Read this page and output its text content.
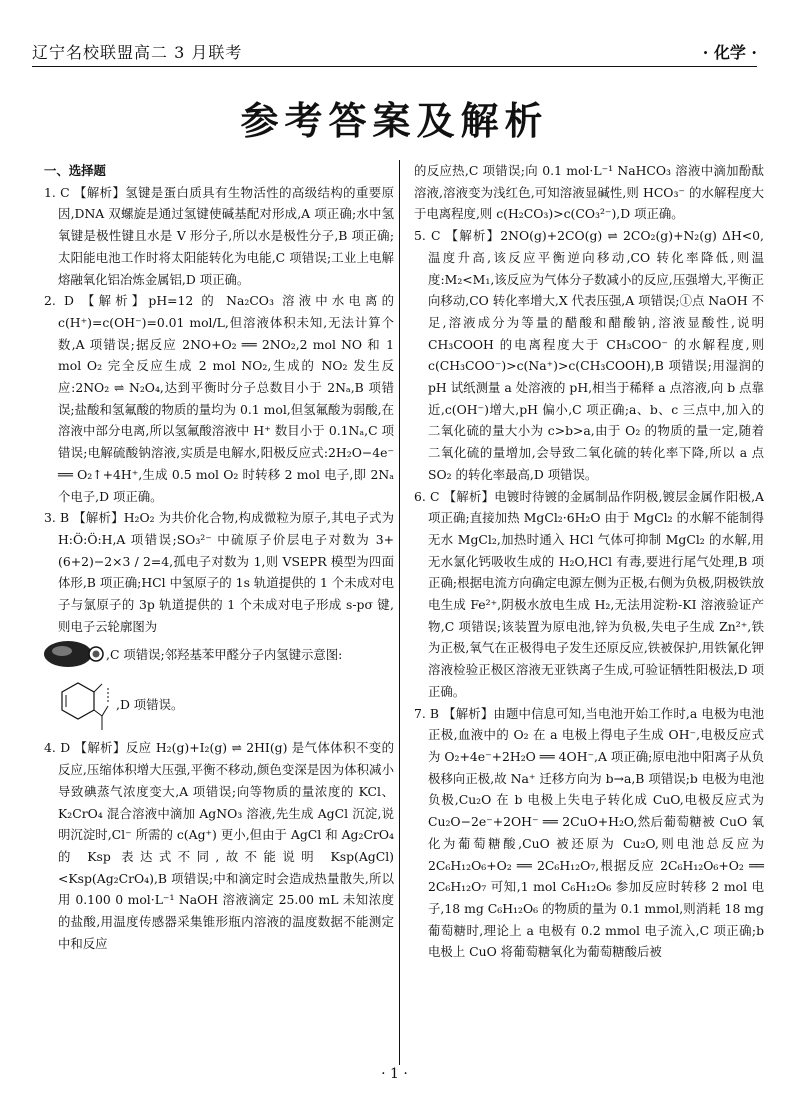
辽宁名校联盟高二 3 月联考	· 化学 ·
参考答案及解析

一、选择题

1. C 【解析】氢键是蛋白质具有生物活性的高级结构的重要原因,DNA 双螺旋是通过氢键使碱基配对形成,A 项正确;水中氢氧键是极性键且水是 V 形分子,所以水是极性分子,B 项正确;太阳能电池工作时将太阳能转化为电能,C 项错误;工业上电解熔融氧化铝冶炼金属铝,D 项正确。

2. D 【解析】pH=12 的 Na₂CO₃ 溶液中水电离的 c(H⁺)=c(OH⁻)=0.01 mol/L,但溶液体积未知,无法计算个数,A 项错误;据反应 2NO+O₂ ══ 2NO₂,2 mol NO 和 1 mol O₂ 完全反应生成 2 mol NO₂,生成的 NO₂ 发生反应:2NO₂ ⇌ N₂O₄,达到平衡时分子总数目小于 2Nₐ,B 项错误;盐酸和氢氟酸的物质的量均为 0.1 mol,但氢氟酸为弱酸,在溶液中部分电离,所以氢氟酸溶液中 H⁺ 数目小于 0.1Nₐ,C 项错误;电解硫酸钠溶液,实质是电解水,阳极反应式:2H₂O−4e⁻ ══ O₂↑+4H⁺,生成 0.5 mol O₂ 时转移 2 mol 电子,即 2Nₐ 个电子,D 项正确。

3. B 【解析】H₂O₂ 为共价化合物,构成微粒为原子,其电子式为 H:Ö:Ö:H,A 项错误;SO₃²⁻ 中硫原子价层电子对数为 3+(6+2)−2×3 / 2=4,孤电子对数为 1,则 VSEPR 模型为四面体形,B 项正确;HCl 中氢原子的 1s 轨道提供的 1 个未成对电子与氯原子的 3p 轨道提供的 1 个未成对电子形成 s-pσ 键,则电子云轮廓图为

,C 项错误;邻羟基苯甲醛分子内氢键示意图:
,D 项错误。

4. D 【解析】反应 H₂(g)+I₂(g) ⇌ 2HI(g) 是气体体积不变的反应,压缩体积增大压强,平衡不移动,颜色变深是因为体积减小导致碘蒸气浓度变大,A 项错误;向等物质的量浓度的 KCl、K₂CrO₄ 混合溶液中滴加 AgNO₃ 溶液,先生成 AgCl 沉淀,说明沉淀时,Cl⁻ 所需的 c(Ag⁺) 更小,但由于 AgCl 和 Ag₂CrO₄ 的 Ksp 表达式不同,故不能说明 Ksp(AgCl)<Ksp(Ag₂CrO₄),B 项错误;中和滴定时会造成热量散失,所以用 0.100 0 mol·L⁻¹ NaOH 溶液滴定 25.00 mL 未知浓度的盐酸,用温度传感器采集锥形瓶内溶液的温度数据不能测定中和反应

的反应热,C 项错误;向 0.1 mol·L⁻¹ NaHCO₃ 溶液中滴加酚酞溶液,溶液变为浅红色,可知溶液显碱性,则 HCO₃⁻ 的水解程度大于电离程度,则 c(H₂CO₃)>c(CO₃²⁻),D 项正确。

5. C 【解析】2NO(g)+2CO(g) ⇌ 2CO₂(g)+N₂(g) ΔH<0,温度升高,该反应平衡逆向移动,CO 转化率降低,则温度:M₂<M₁,该反应为气体分子数减小的反应,压强增大,平衡正向移动,CO 转化率增大,X 代表压强,A 项错误;①点 NaOH 不足,溶液成分为等量的醋酸和醋酸钠,溶液显酸性,说明 CH₃COOH 的电离程度大于 CH₃COO⁻ 的水解程度,则 c(CH₃COO⁻)>c(Na⁺)>c(CH₃COOH),B 项错误;用湿润的 pH 试纸测量 a 处溶液的 pH,相当于稀释 a 点溶液,向 b 点靠近,c(OH⁻)增大,pH 偏小,C 项正确;a、b、c 三点中,加入的二氧化硫的量大小为 c>b>a,由于 O₂ 的物质的量一定,随着二氧化硫的量增加,会导致二氧化硫的转化率下降,所以 a 点 SO₂ 的转化率最高,D 项错误。

6. C 【解析】电镀时待镀的金属制品作阴极,镀层金属作阳极,A 项正确;直接加热 MgCl₂·6H₂O 由于 MgCl₂ 的水解不能制得无水 MgCl₂,加热时通入 HCl 气体可抑制 MgCl₂ 的水解,用无水氯化钙吸收生成的 H₂O,HCl 有毒,要进行尾气处理,B 项正确;根据电流方向确定电源左侧为正极,右侧为负极,阴极铁放电生成 Fe²⁺,阴极水放电生成 H₂,无法用淀粉-KI 溶液验证产物,C 项错误;该装置为原电池,锌为负极,失电子生成 Zn²⁺,铁为正极,氧气在正极得电子发生还原反应,铁被保护,用铁氰化钾溶液检验正极区溶液无亚铁离子生成,可验证牺牲阳极法,D 项正确。

7. B 【解析】由题中信息可知,当电池开始工作时,a 电极为电池正极,血液中的 O₂ 在 a 电极上得电子生成 OH⁻,电极反应式为 O₂+4e⁻+2H₂O ══ 4OH⁻,A 项正确;原电池中阳离子从负极移向正极,故 Na⁺ 迁移方向为 b→a,B 项错误;b 电极为电池负极,Cu₂O 在 b 电极上失电子转化成 CuO,电极反应式为 Cu₂O−2e⁻+2OH⁻ ══ 2CuO+H₂O,然后葡萄糖被 CuO 氧化为葡萄糖酸,CuO 被还原为 Cu₂O,则电池总反应为 2C₆H₁₂O₆+O₂ ══ 2C₆H₁₂O₇,根据反应 2C₆H₁₂O₆+O₂ ══ 2C₆H₁₂O₇ 可知,1 mol C₆H₁₂O₆ 参加反应时转移 2 mol 电子,18 mg C₆H₁₂O₆ 的物质的量为 0.1 mmol,则消耗 18 mg 葡萄糖时,理论上 a 电极有 0.2 mmol 电子流入,C 项正确;b 电极上 CuO 将葡萄糖氧化为葡萄糖酸后被

· 1 ·
